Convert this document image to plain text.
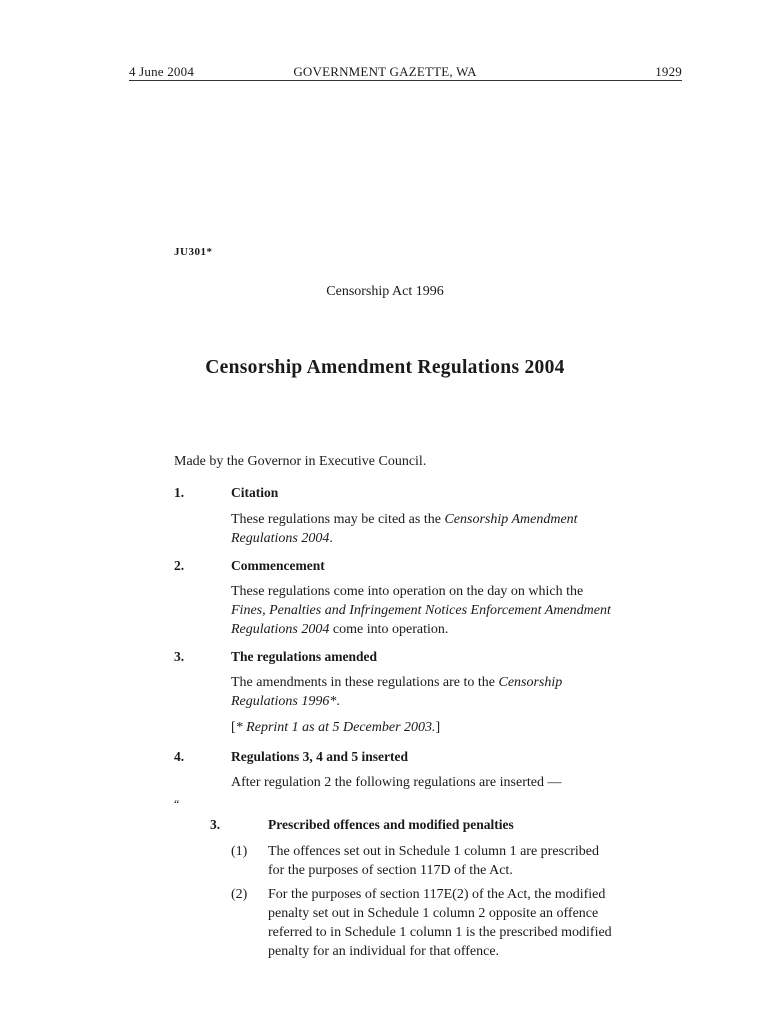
4 June 2004	GOVERNMENT GAZETTE, WA	1929
JU301*
Censorship Act 1996
Censorship Amendment Regulations 2004
Made by the Governor in Executive Council.
1.	Citation
These regulations may be cited as the Censorship Amendment Regulations 2004.
2.	Commencement
These regulations come into operation on the day on which the Fines, Penalties and Infringement Notices Enforcement Amendment Regulations 2004 come into operation.
3.	The regulations amended
The amendments in these regulations are to the Censorship Regulations 1996*.
[* Reprint 1 as at 5 December 2003.]
4.	Regulations 3, 4 and 5 inserted
After regulation 2 the following regulations are inserted —
“
3.	Prescribed offences and modified penalties
(1) The offences set out in Schedule 1 column 1 are prescribed for the purposes of section 117D of the Act.
(2) For the purposes of section 117E(2) of the Act, the modified penalty set out in Schedule 1 column 2 opposite an offence referred to in Schedule 1 column 1 is the prescribed modified penalty for an individual for that offence.
